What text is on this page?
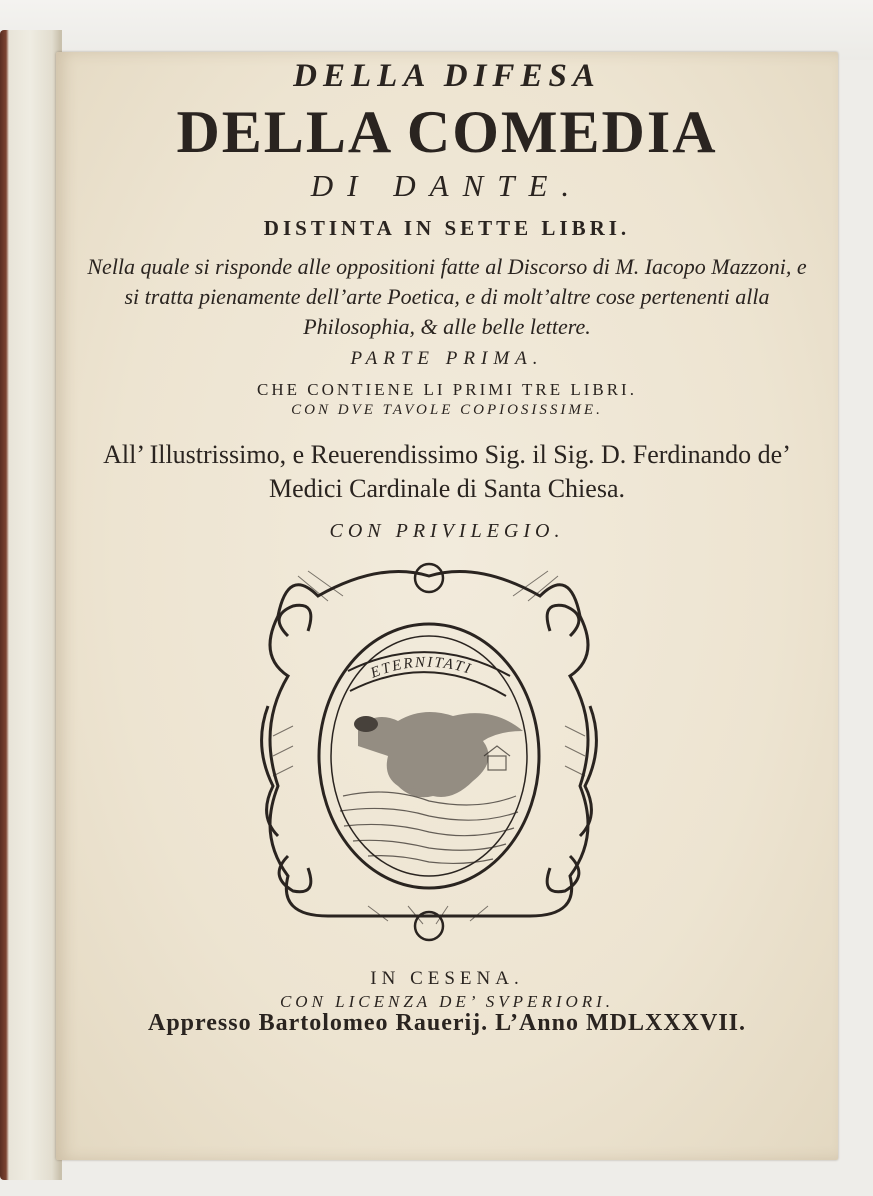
DELLA DIFESA

DELLA COMEDIA

DI DANTE.

DISTINTA IN SETTE LIBRI.

Nella quale si risponde alle oppositioni fatte al Discorso di M. Iacopo Mazzoni, e si tratta pienamente dell’arte Poetica, e di molt’altre cose pertenenti alla Philosophia, & alle belle lettere.

PARTE PRIMA.

CHE CONTIENE LI PRIMI TRE LIBRI.

CON DVE TAVOLE COPIOSISSIME.

All’ Illustrissimo, e Reuerendissimo Sig. il Sig. D. Ferdinando de’ Medici Cardinale di Santa Chiesa.

CON PRIVILEGIO.

ETERNITATI

IN CESENA.

CON LICENZA DE’ SVPERIORI.

Appresso Bartolomeo Rauerij. L’Anno MDLXXXVII.
